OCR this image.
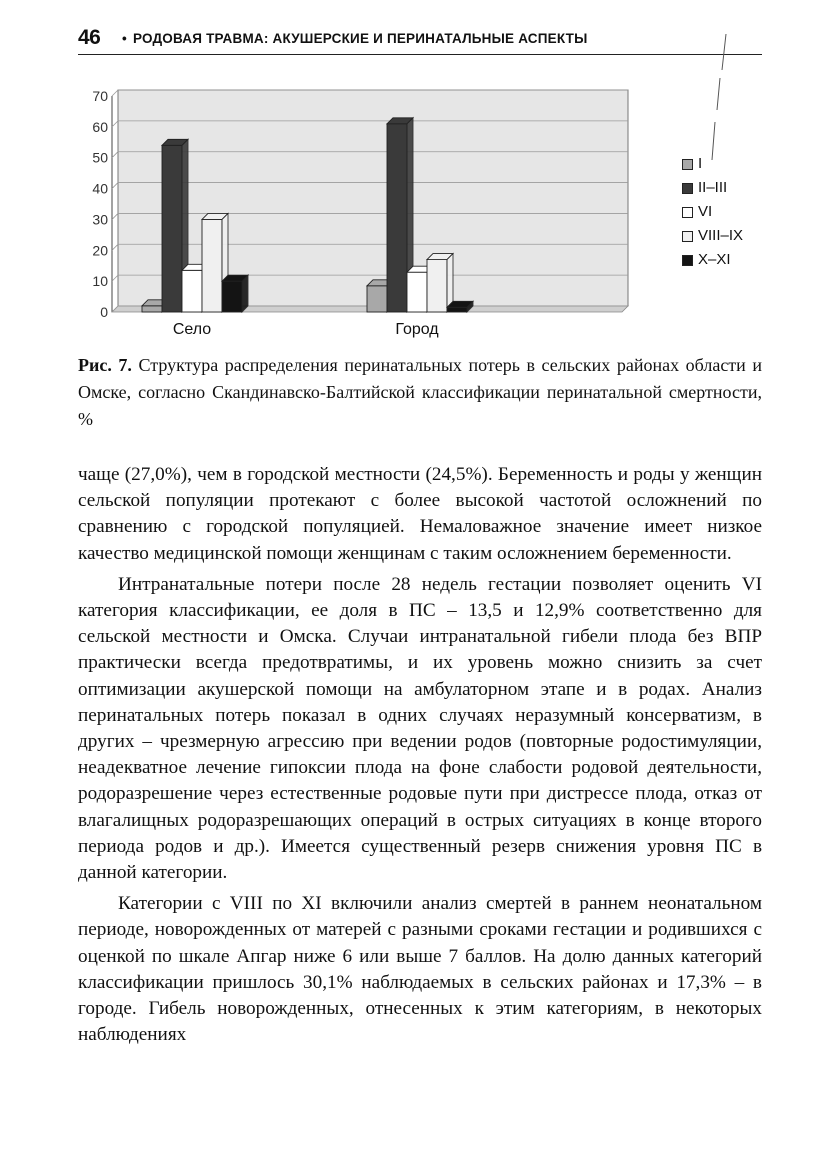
46 • РОДОВАЯ ТРАВМА: АКУШЕРСКИЕ И ПЕРИНАТАЛЬНЫЕ АСПЕКТЫ
0
10
20
30
40
50
60
70
Село	Город
I
II–III
VI
VIII–IX
X–XI
Рис. 7. Структура распределения перинатальных потерь в сельских районах области и Омске, согласно Скандинавско-Балтийской классификации перинатальной смертности, %

чаще (27,0%), чем в городской местности (24,5%). Беременность и роды у женщин сельской популяции протекают с более высокой частотой осложнений по сравнению с городской популяцией. Немаловажное значение имеет низкое качество медицинской помощи женщинам с таким осложнением беременности.

Интранатальные потери после 28 недель гестации позволяет оценить VI категория классификации, ее доля в ПС – 13,5 и 12,9% соответственно для сельской местности и Омска. Случаи интранатальной гибели плода без ВПР практически всегда предотвратимы, и их уровень можно снизить за счет оптимизации акушерской помощи на амбулаторном этапе и в родах. Анализ перинатальных потерь показал в одних случаях неразумный консерватизм, в других – чрезмерную агрессию при ведении родов (повторные родостимуляции, неадекватное лечение гипоксии плода на фоне слабости родовой деятельности, родоразрешение через естественные родовые пути при дистрессе плода, отказ от влагалищных родоразрешающих операций в острых ситуациях в конце второго периода родов и др.). Имеется существенный резерв снижения уровня ПС в данной категории.

Категории с VIII по XI включили анализ смертей в раннем неонатальном периоде, новорожденных от матерей с разными сроками гестации и родившихся с оценкой по шкале Апгар ниже 6 или выше 7 баллов. На долю данных категорий классификации пришлось 30,1% наблюдаемых в сельских районах и 17,3% – в городе. Гибель новорожденных, отнесенных к этим категориям, в некоторых наблюдениях
